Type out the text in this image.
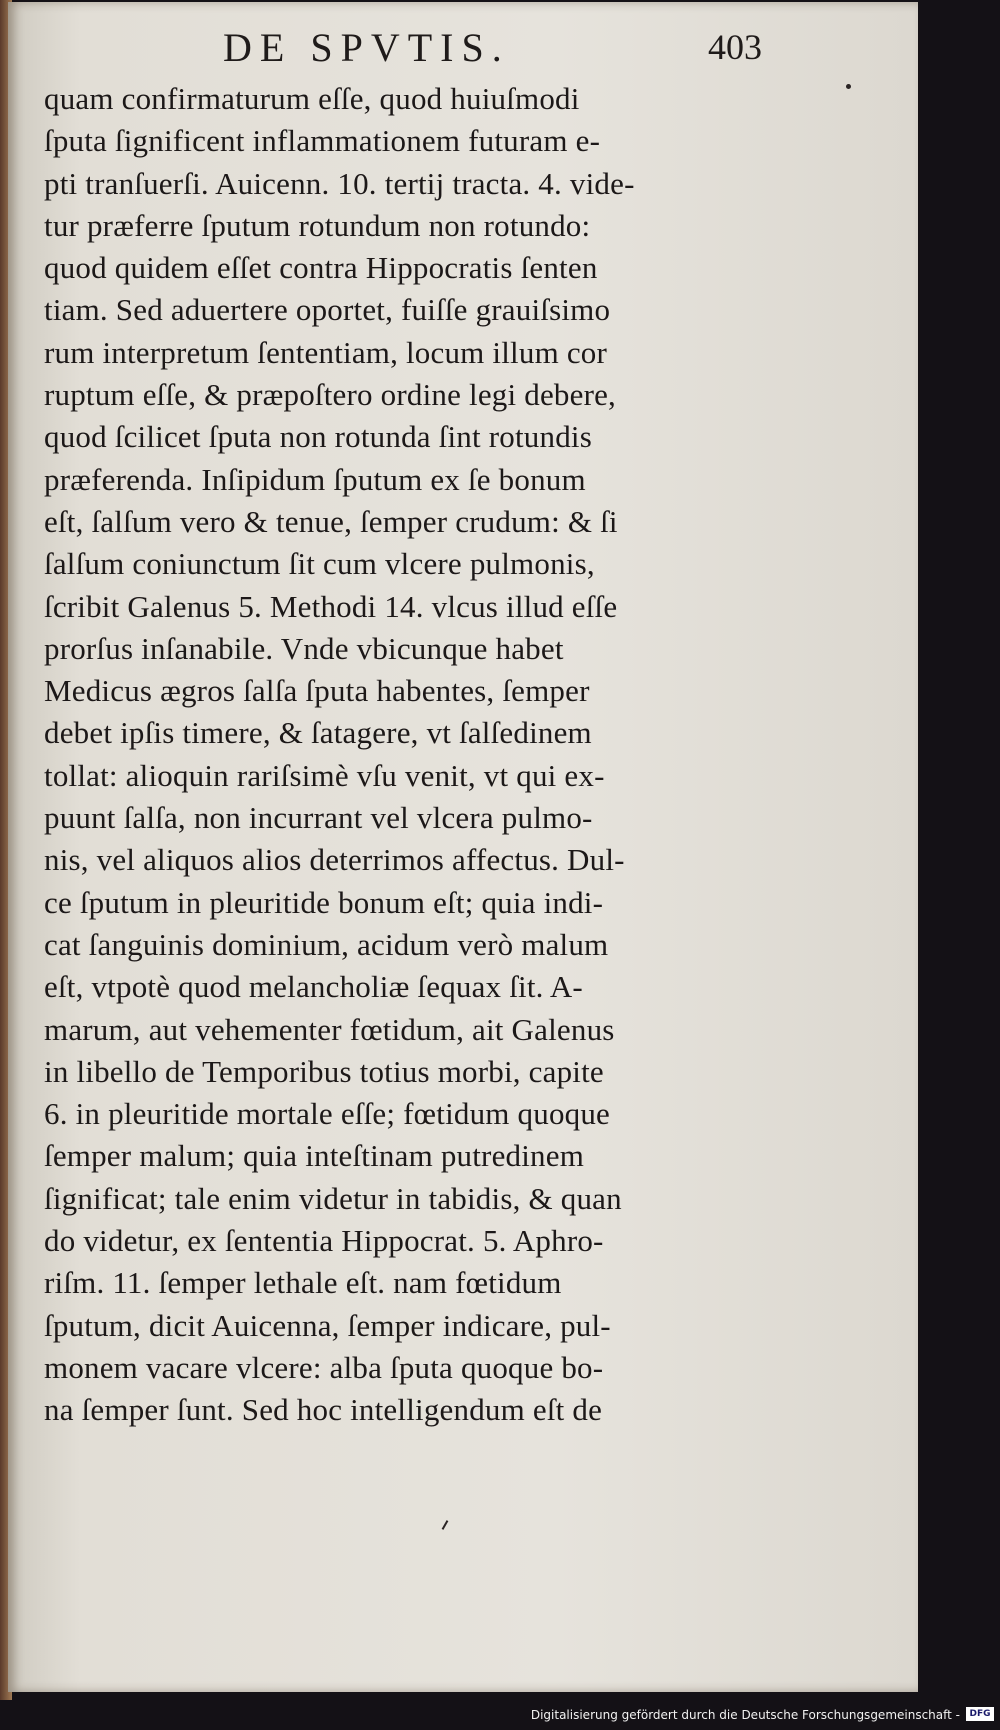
DE SPVTIS.	403
quam confirmaturum eſſe, quod huiuſmodi
ſputa ſignificent inflammationem futuram e-
pti tranſuerſi. Auicenn. 10. tertij tracta. 4. vide-
tur præferre ſputum rotundum non rotundo:
quod quidem eſſet contra Hippocratis ſenten
tiam. Sed aduertere oportet, fuiſſe grauiſsimo
rum interpretum ſententiam, locum illum cor
ruptum eſſe, & præpoſtero ordine legi debere,
quod ſcilicet ſputa non rotunda ſint rotundis
præferenda. Inſipidum ſputum ex ſe bonum
eſt, ſalſum vero & tenue, ſemper crudum: & ſi
ſalſum coniunctum ſit cum vlcere pulmonis,
ſcribit Galenus 5. Methodi 14. vlcus illud eſſe
prorſus inſanabile. Vnde vbicunque habet
Medicus ægros ſalſa ſputa habentes, ſemper
debet ipſis timere, & ſatagere, vt ſalſedinem
tollat: alioquin rariſsimè vſu venit, vt qui ex-
puunt ſalſa, non incurrant vel vlcera pulmo-
nis, vel aliquos alios deterrimos affectus. Dul-
ce ſputum in pleuritide bonum eſt; quia indi-
cat ſanguinis dominium, acidum verò malum
eſt, vtpotè quod melancholiæ ſequax ſit. A-
marum, aut vehementer fœtidum, ait Galenus
in libello de Temporibus totius morbi, capite
6. in pleuritide mortale eſſe; fœtidum quoque
ſemper malum; quia inteſtinam putredinem
ſignificat; tale enim videtur in tabidis, & quan
do videtur, ex ſententia Hippocrat. 5. Aphro-
riſm. 11. ſemper lethale eſt. nam fœtidum
ſputum, dicit Auicenna, ſemper indicare, pul-
monem vacare vlcere: alba ſputa quoque bo-
na ſemper ſunt. Sed hoc intelligendum eſt de
Digitalisierung gefördert durch die Deutsche Forschungsgemeinschaft -	DFG
